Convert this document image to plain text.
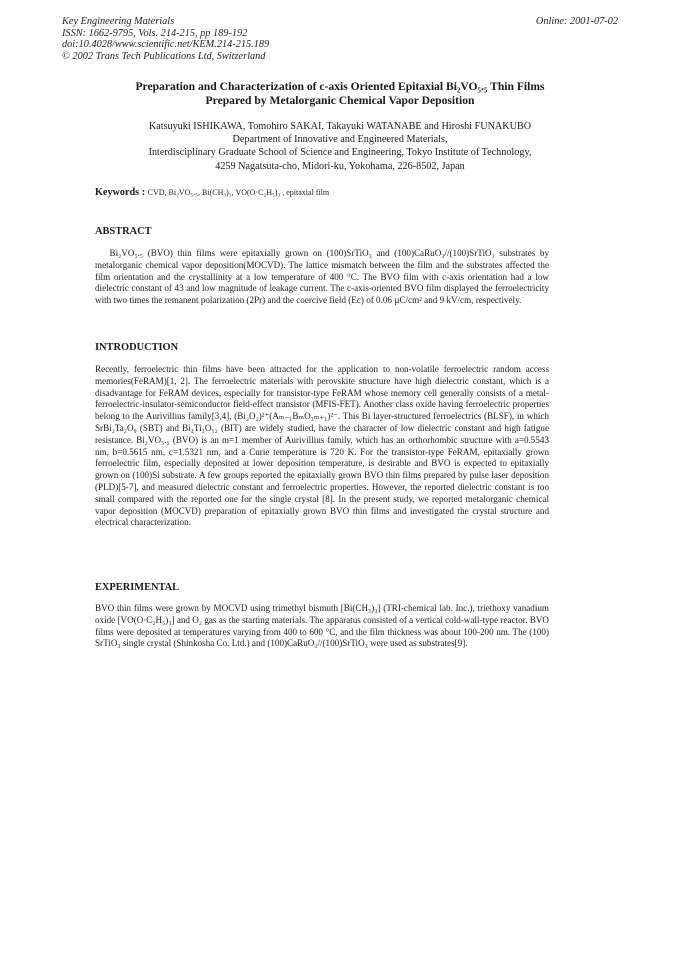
Key Engineering Materials
ISSN: 1662-9795, Vols. 214-215, pp 189-192
doi:10.4028/www.scientific.net/KEM.214-215.189
© 2002 Trans Tech Publications Ltd, Switzerland
Online: 2001-07-02
Preparation and Characterization of c-axis Oriented Epitaxial Bi₂VO₅.₅ Thin Films
Prepared by Metalorganic Chemical Vapor Deposition
Katsuyuki ISHIKAWA, Tomohiro SAKAI, Takayuki WATANABE and Hiroshi FUNAKUBO
Department of Innovative and Engineered Materials,
Interdisciplinary Graduate School of Science and Engineering, Tokyo Institute of Technology,
4259 Nagatsuta-cho, Midori-ku, Yokohama, 226-8502, Japan
Keywords : CVD, Bi₂VO₅.₅, Bi(CH₃)₃, VO(O·C₂H₅)₃ , epitaxial film
ABSTRACT
Bi₂VO₅.₅ (BVO) thin films were epitaxially grown on (100)SrTiO₃ and (100)CaRuO₃//(100)SrTiO₃ substrates by metalorganic chemical vapor deposition(MOCVD). The lattice mismatch between the film and the substrates affected the film orientation and the crystallinity at a low temperature of 400 °C. The BVO film with c-axis orientation had a low dielectric constant of 43 and low magnitude of leakage current. The c-axis-oriented BVO film displayed the ferroelectricity with two times the remanent polarization (2Pr) and the coercive field (Ec) of 0.06 µC/cm² and 9 kV/cm, respectively.
INTRODUCTION
Recently, ferroelectric thin films have been attracted for the application to non-volatile ferroelectric random access memories(FeRAM)[1, 2]. The ferroelectric materials with perovskite structure have high dielectric constant, which is a disadvantage for FeRAM devices, especially for transistor-type FeRAM whose memory cell generally consists of a metal-ferroelectric-insulator-semiconductor field-effect transistor (MFIS-FET). Another class oxide having ferroelectric properties belong to the Aurivillius family[3,4], (Bi₂O₂)²⁺(Aₘ₋₁BₘO₃ₘ₊₁)²⁻. This Bi layer-structured ferroelectrics (BLSF), in which SrBi₂Ta₂O₉ (SBT) and Bi₄Ti₃O₁₂ (BIT) are widely studied, have the character of low dielectric constant and high fatigue resistance. Bi₂VO₅.₅ (BVO) is an m=1 member of Aurivillius family, which has an orthorhombic structure with a=0.5543 nm, b=0.5615 nm, c=1.5321 nm, and a Curie temperature is 720 K. For the transistor-type FeRAM, epitaxially grown ferroelectric film, especially deposited at lower deposition temperature, is desirable and BVO is expected to epitaxially grown on (100)Si substrate. A few groups reported the epitaxially grown BVO thin films prepared by pulse laser deposition (PLD)[5-7], and measured dielectric constant and ferroelectric properties. However, the reported dielectric constant is too small compared with the reported one for the single crystal [8]. In the present study, we reported metalorganic chemical vapor deposition (MOCVD) preparation of epitaxially grown BVO thin films and investigated the crystal structure and electrical characterization.
EXPERIMENTAL
BVO thin films were grown by MOCVD using trimethyl bismuth [Bi(CH₃)₃] (TRI-chemical lab. Inc.), triethoxy vanadium oxide [VO(O·C₂H₅)₃] and O₂ gas as the starting materials. The apparatus consisted of a vertical cold-wall-type reactor. BVO films were deposited at temperatures varying from 400 to 600 °C, and the film thickness was about 100-200 nm. The (100) SrTiO₃ single crystal (Shinkosha Co. Ltd.) and (100)CaRuO₃//(100)SrTiO₃ were used as substrates[9].
